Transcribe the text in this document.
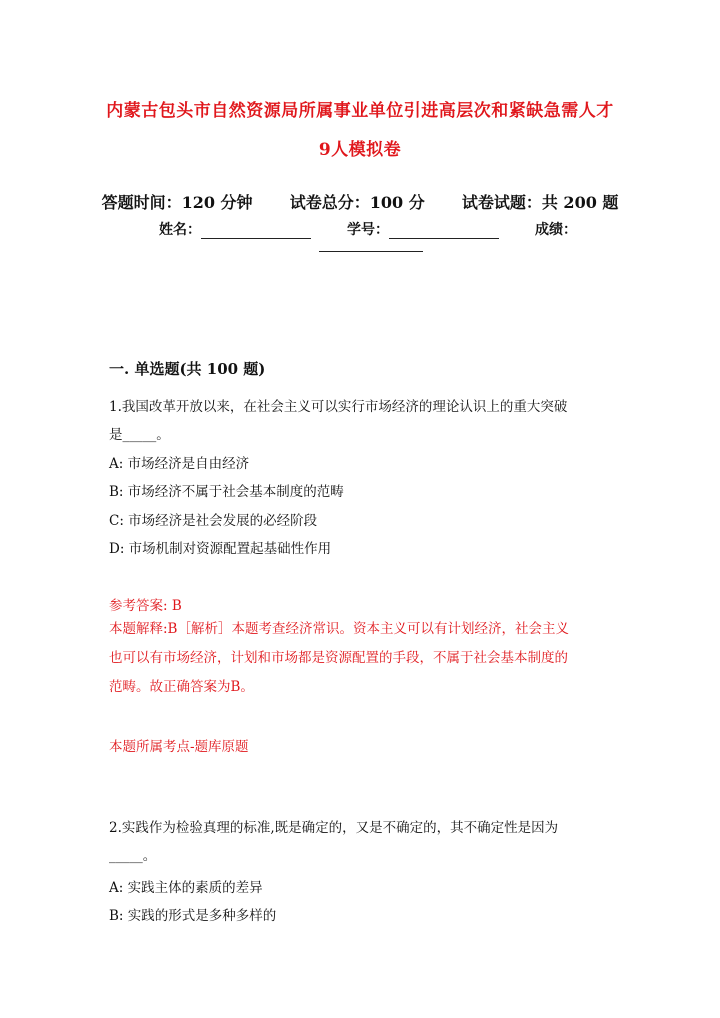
内蒙古包头市自然资源局所属事业单位引进高层次和紧缺急需人才
9人模拟卷
答题时间：120 分钟 试卷总分：100 分 试卷试题：共 200 题
姓名：	学号：	成绩：
一. 单选题(共 100 题)
1.我国改革开放以来，在社会主义可以实行市场经济的理论认识上的重大突破
是_____。
A: 市场经济是自由经济
B: 市场经济不属于社会基本制度的范畴
C: 市场经济是社会发展的必经阶段
D: 市场机制对资源配置起基础性作用
参考答案: B
本题解释:B［解析］本题考查经济常识。资本主义可以有计划经济，社会主义
也可以有市场经济，计划和市场都是资源配置的手段，不属于社会基本制度的
范畴。故正确答案为B。
本题所属考点-题库原题
2.实践作为检验真理的标准,既是确定的，又是不确定的，其不确定性是因为
_____。
A: 实践主体的素质的差异
B: 实践的形式是多种多样的
